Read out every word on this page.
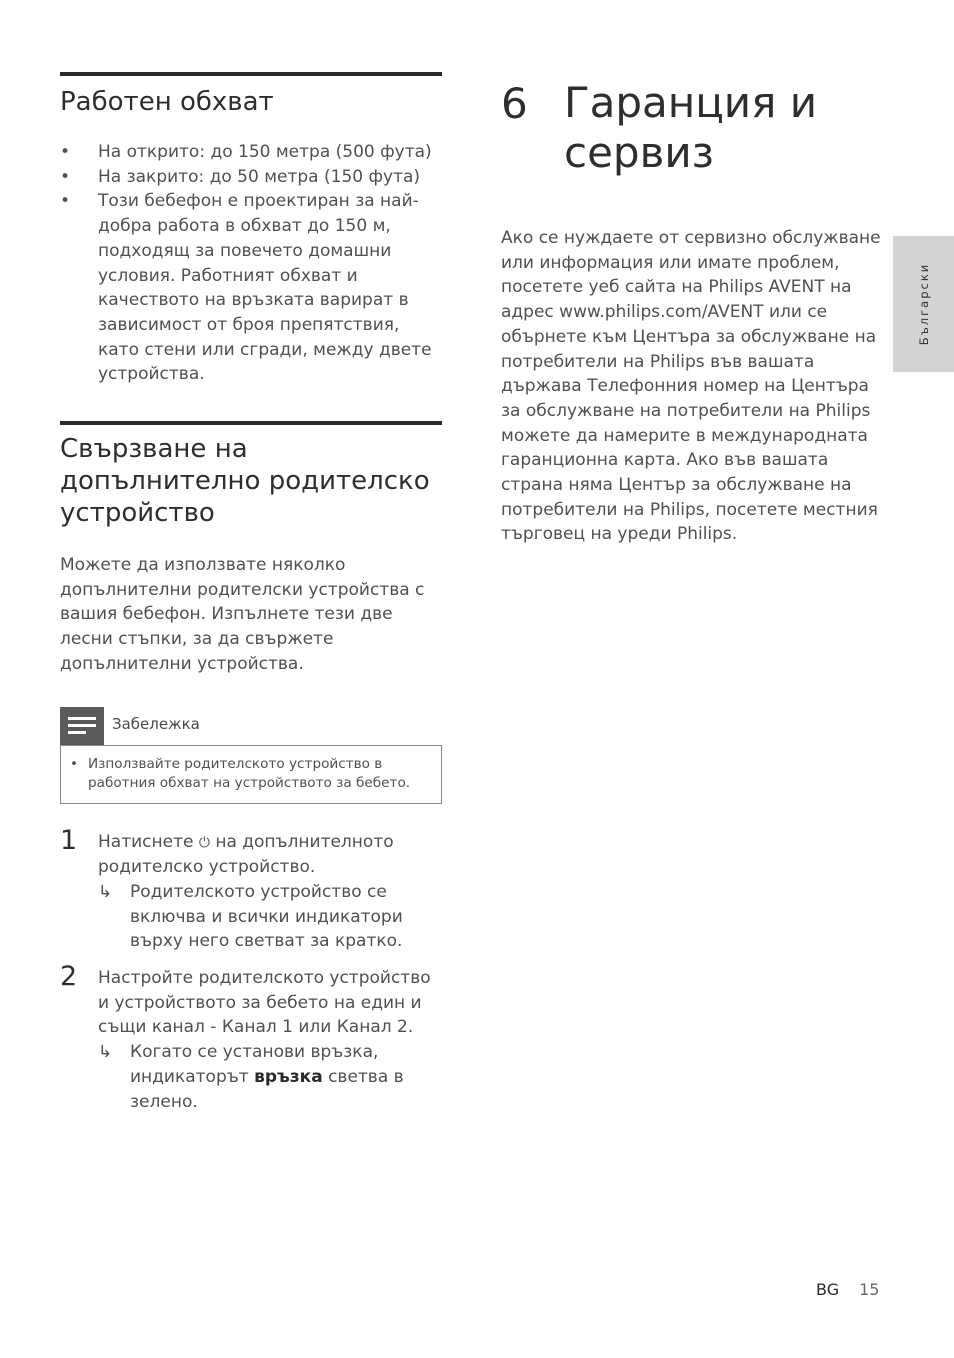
Работен обхват
• На открито: до 150 метра (500 фута)
• На закрито: до 50 метра (150 фута)
• Този бебефон е проектиран за най-добра работа в обхват до 150 м, подходящ за повечето домашни условия. Работният обхват и качеството на връзката варират в зависимост от броя препятствия, като стени или сгради, между двете устройства.
Свързване на допълнително родителско устройство
Можете да използвате няколко допълнителни родителски устройства с вашия бебефон. Изпълнете тези две лесни стъпки, за да свържете допълнителни устройства.
Забележка
• Използвайте родителското устройство в работния обхват на устройството за бебето.
1 Натиснете ⏻ на допълнителното родителско устройство.
↳ Родителското устройство се включва и всички индикатори върху него светват за кратко.
2 Настройте родителското устройство и устройството за бебето на един и същи канал - Канал 1 или Канал 2.
↳ Когато се установи връзка, индикаторът връзка светва в зелено.
6 Гаранция и сервиз
Ако се нуждаете от сервизно обслужване или информация или имате проблем, посетете уеб сайта на Philips AVENT на адрес www.philips.com/AVENT или се обърнете към Центъра за обслужване на потребители на Philips във вашата държава Телефонния номер на Центъра за обслужване на потребители на Philips можете да намерите в международната гаранционна карта. Ако във вашата страна няма Център за обслужване на потребители на Philips, посетете местния търговец на уреди Philips.
Български
BG 15
